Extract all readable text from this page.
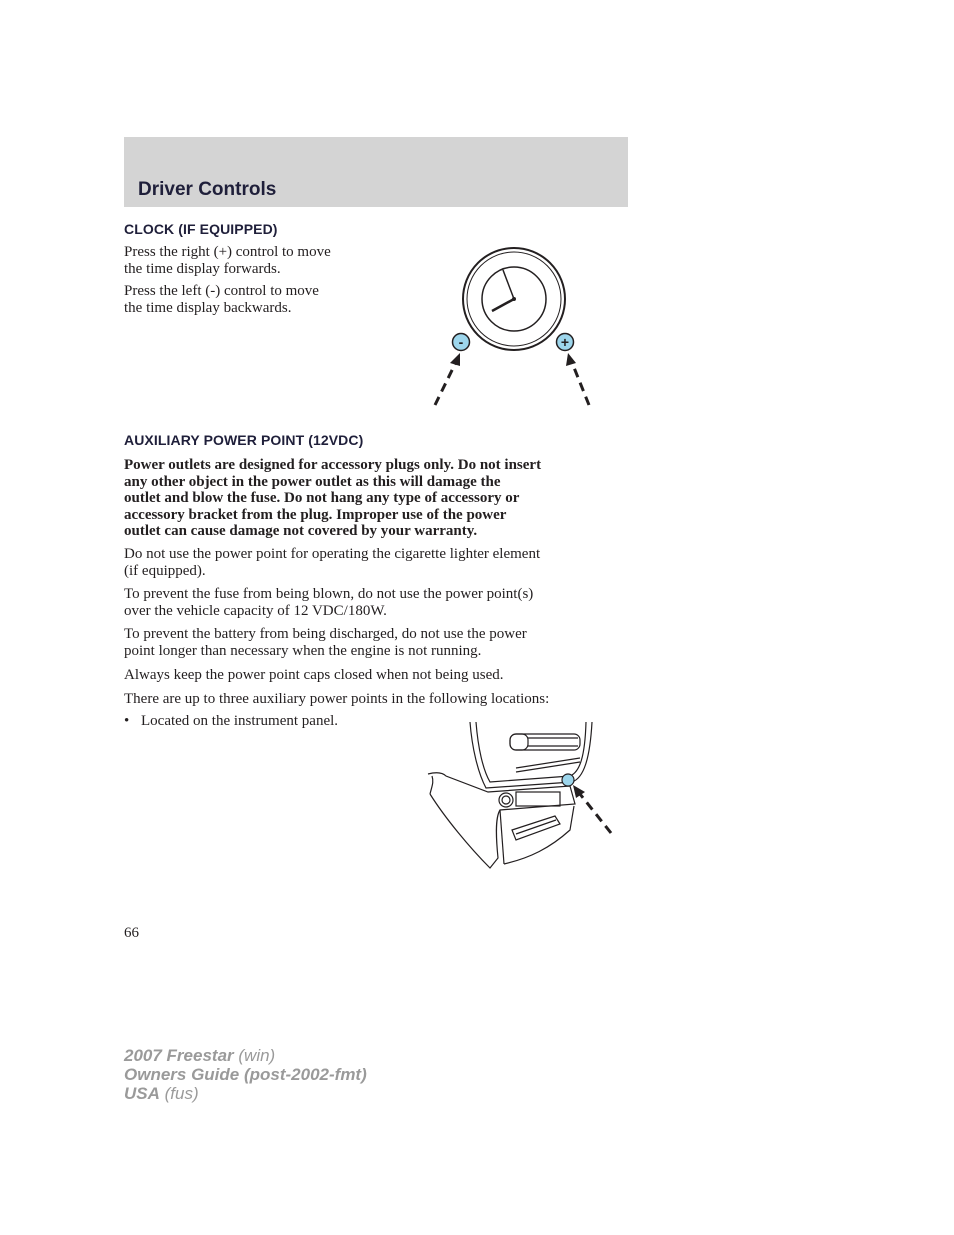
Driver Controls
CLOCK (IF EQUIPPED)

Press the right (+) control to move
the time display forwards.

Press the left (-) control to move
the time display backwards.

-	+
AUXILIARY POWER POINT (12VDC)

Power outlets are designed for accessory plugs only. Do not insert
any other object in the power outlet as this will damage the
outlet and blow the fuse. Do not hang any type of accessory or
accessory bracket from the plug. Improper use of the power
outlet can cause damage not covered by your warranty.

Do not use the power point for operating the cigarette lighter element
(if equipped).

To prevent the fuse from being blown, do not use the power point(s)
over the vehicle capacity of 12 VDC/180W.

To prevent the battery from being discharged, do not use the power
point longer than necessary when the engine is not running.

Always keep the power point caps closed when not being used.

There are up to three auxiliary power points in the following locations:

• Located on the instrument panel.
66
2007 Freestar (win)
Owners Guide (post-2002-fmt)
USA (fus)
